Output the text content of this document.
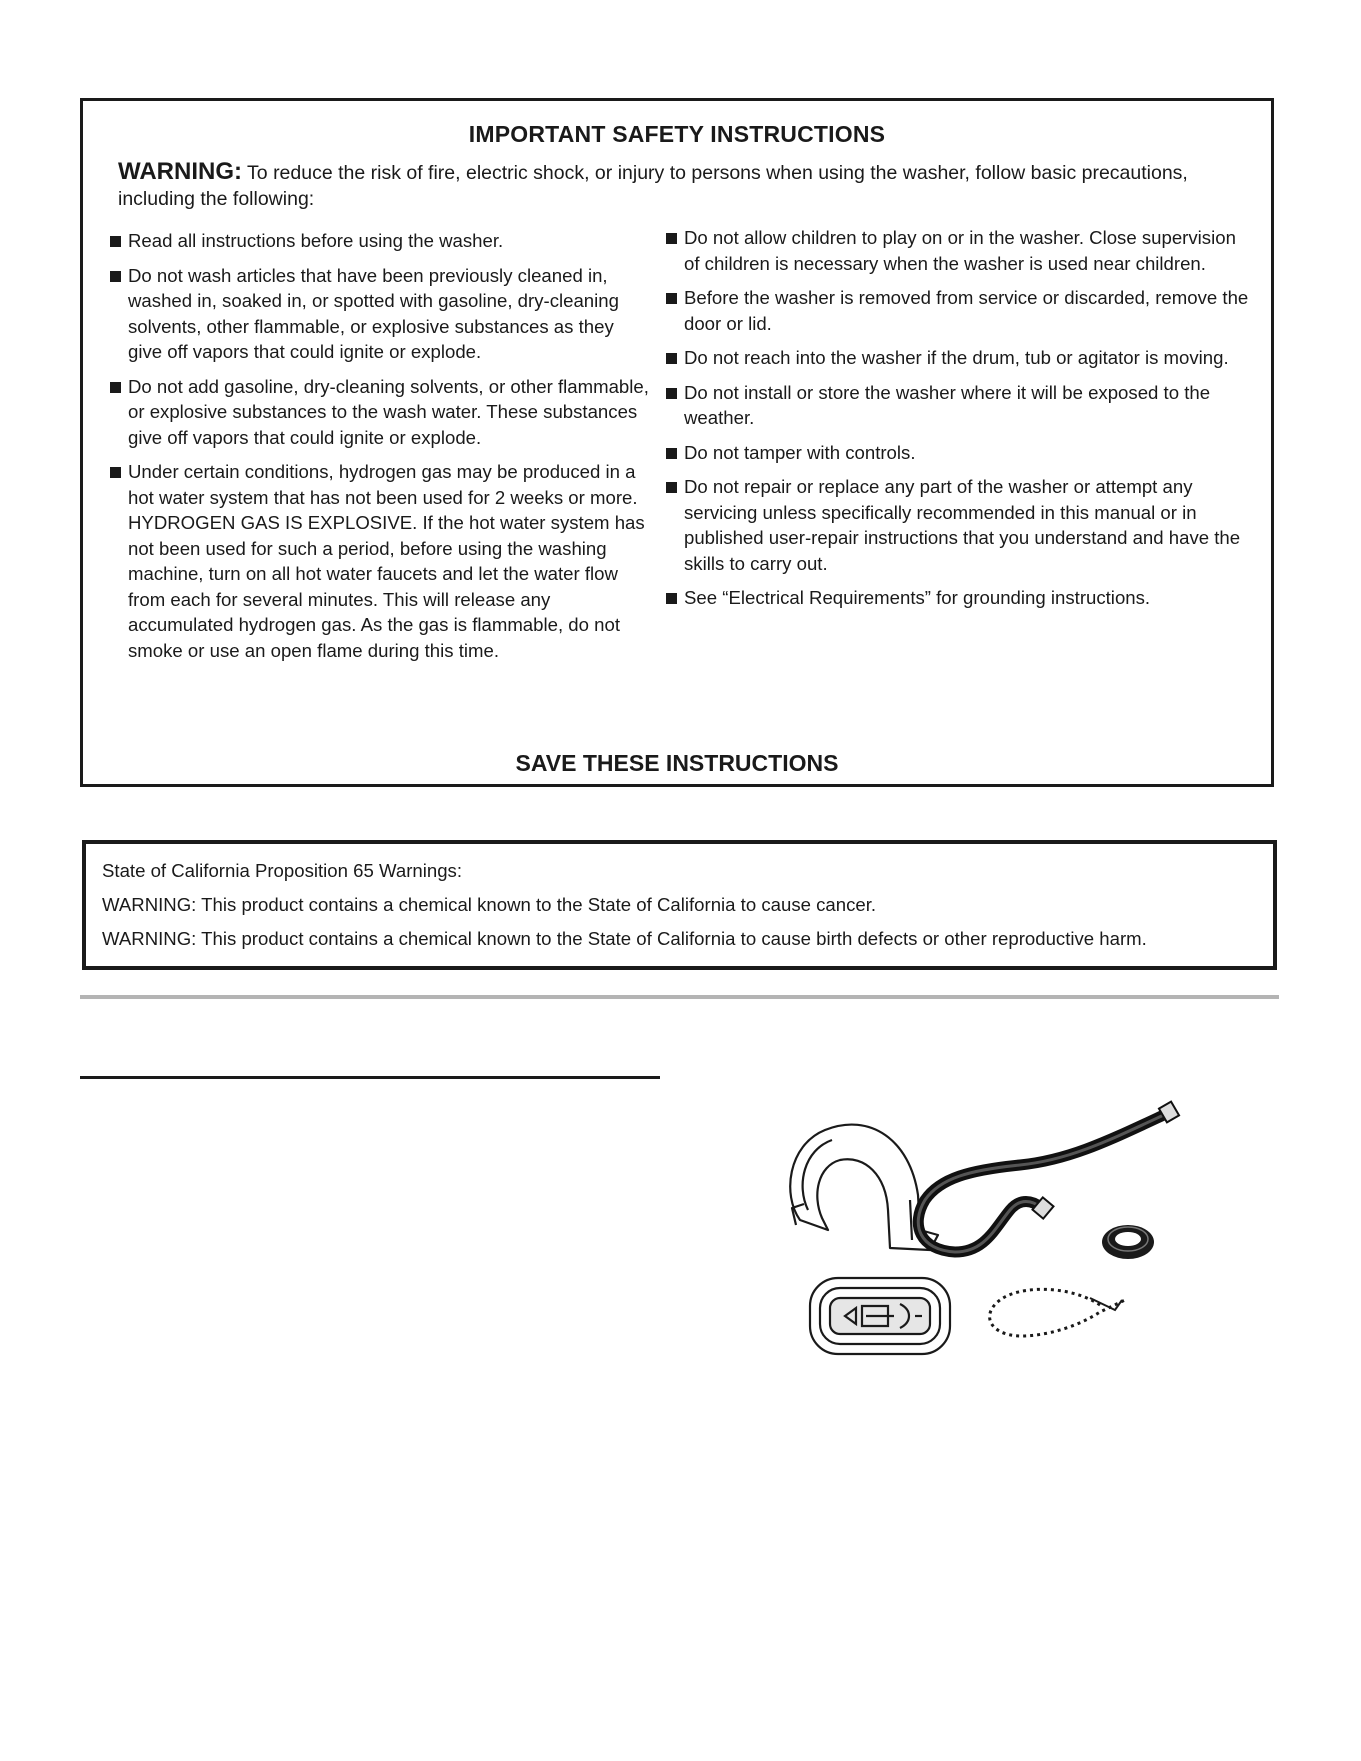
IMPORTANT SAFETY INSTRUCTIONS
WARNING: To reduce the risk of fire, electric shock, or injury to persons when using the washer, follow basic precautions, including the following:
Read all instructions before using the washer.
Do not wash articles that have been previously cleaned in, washed in, soaked in, or spotted with gasoline, dry-cleaning solvents, other flammable, or explosive substances as they give off vapors that could ignite or explode.
Do not add gasoline, dry-cleaning solvents, or other flammable, or explosive substances to the wash water. These substances give off vapors that could ignite or explode.
Under certain conditions, hydrogen gas may be produced in a hot water system that has not been used for 2 weeks or more. HYDROGEN GAS IS EXPLOSIVE. If the hot water system has not been used for such a period, before using the washing machine, turn on all hot water faucets and let the water flow from each for several minutes. This will release any accumulated hydrogen gas. As the gas is flammable, do not smoke or use an open flame during this time.
Do not allow children to play on or in the washer. Close supervision of children is necessary when the washer is used near children.
Before the washer is removed from service or discarded, remove the door or lid.
Do not reach into the washer if the drum, tub or agitator is moving.
Do not install or store the washer where it will be exposed to the weather.
Do not tamper with controls.
Do not repair or replace any part of the washer or attempt any servicing unless specifically recommended in this manual or in published user-repair instructions that you understand and have the skills to carry out.
See “Electrical Requirements” for grounding instructions.
SAVE THESE INSTRUCTIONS

State of California Proposition 65 Warnings:

WARNING: This product contains a chemical known to the State of California to cause cancer.

WARNING: This product contains a chemical known to the State of California to cause birth defects or other reproductive harm.
